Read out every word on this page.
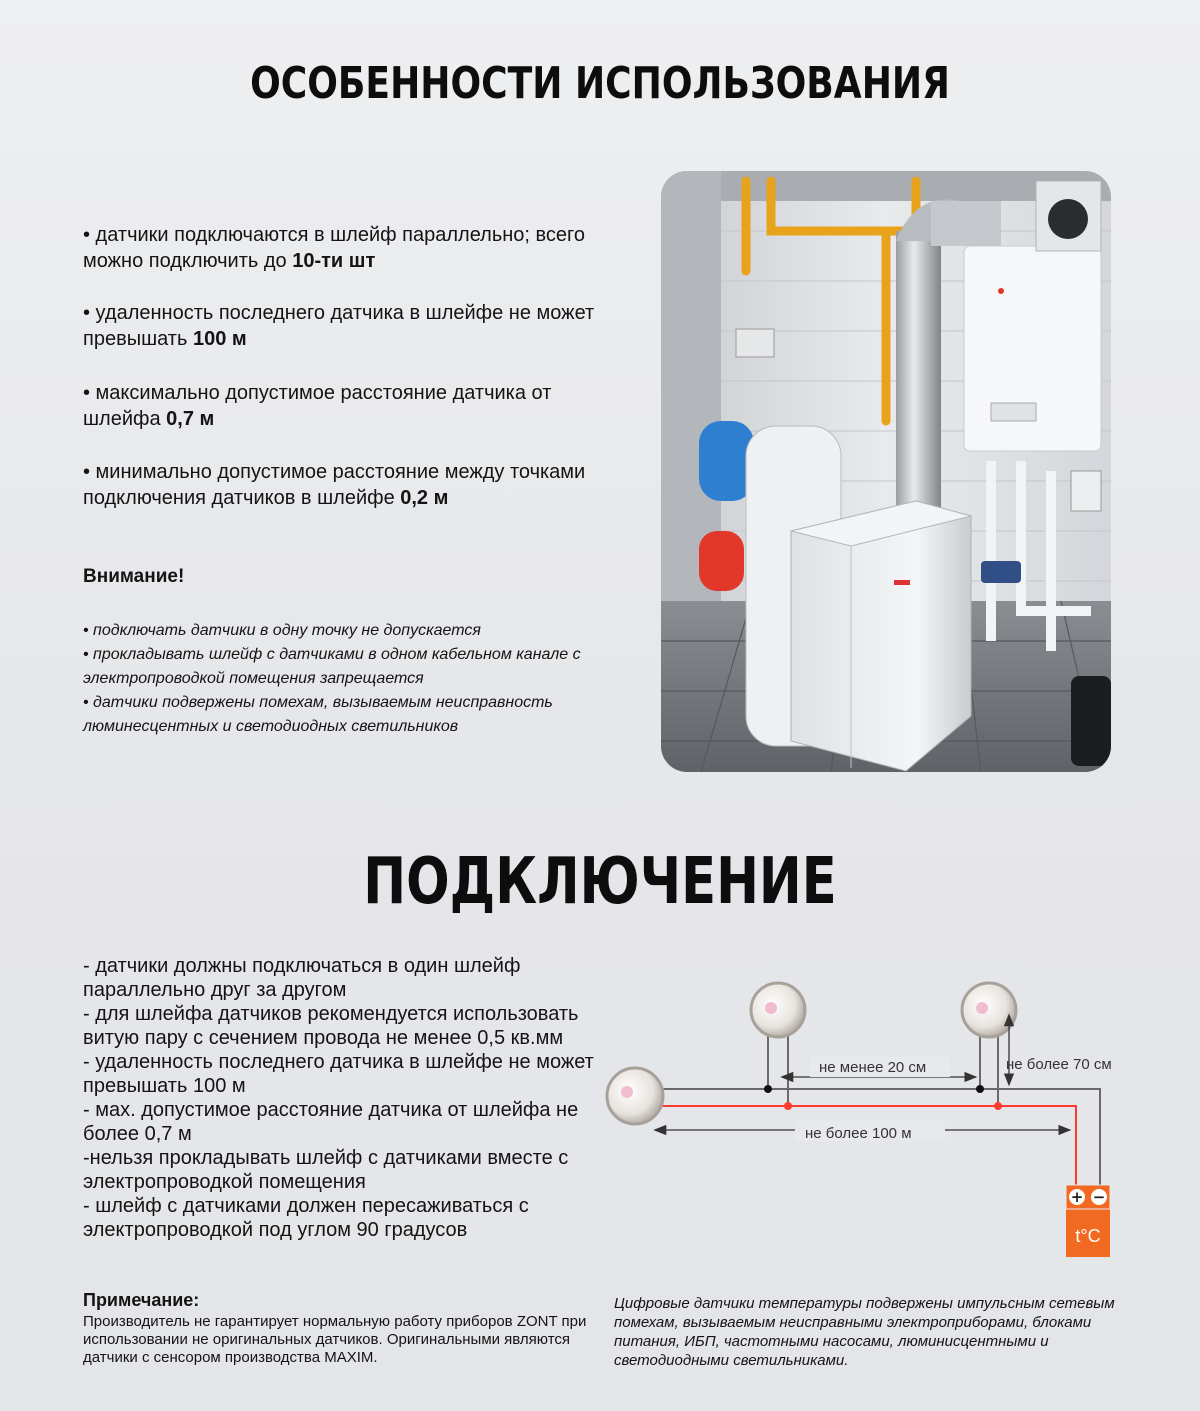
ОСОБЕННОСТИ ИСПОЛЬЗОВАНИЯ
• датчики подключаются в шлейф параллельно; всего можно подключить до 10-ти шт
• удаленность последнего датчика в шлейфе не может превышать 100 м
• максимально допустимое расстояние датчика от шлейфа 0,7 м
• минимально допустимое расстояние между точками подключения датчиков в шлейфе 0,2 м
Внимание!
• подключать датчики в одну точку не допускается
• прокладывать шлейф с датчиками в одном кабельном канале с электропроводкой помещения запрещается
• датчики подвержены помехам, вызываемым неисправность люминесцентных и светодиодных светильников
ПОДКЛЮЧЕНИЕ
- датчики должны подключаться в один шлейф параллельно друг за другом
- для шлейфа датчиков рекомендуется использовать витую пару с сечением провода не менее 0,5 кв.мм
- удаленность последнего датчика в шлейфе не может превышать 100 м
- мах. допустимое расстояние датчика от шлейфа не более 0,7 м
-нельзя прокладывать шлейф с датчиками вместе с электропроводкой помещения
- шлейф с датчиками должен пересаживаться с электропроводкой под углом 90 градусов
не менее 20 см	не более 70 см
не более 100 м
+ −
t°C
Примечание:
Производитель не гарантирует нормальную работу приборов ZONT при использовании не оригинальных датчиков. Оригинальными являются датчики с сенсором производства MAXIM.
Цифровые датчики температуры подвержены импульсным сетевым помехам, вызываемым неисправными электроприборами, блоками питания, ИБП, частотными насосами, люминисцентными и светодиодными светильниками.
